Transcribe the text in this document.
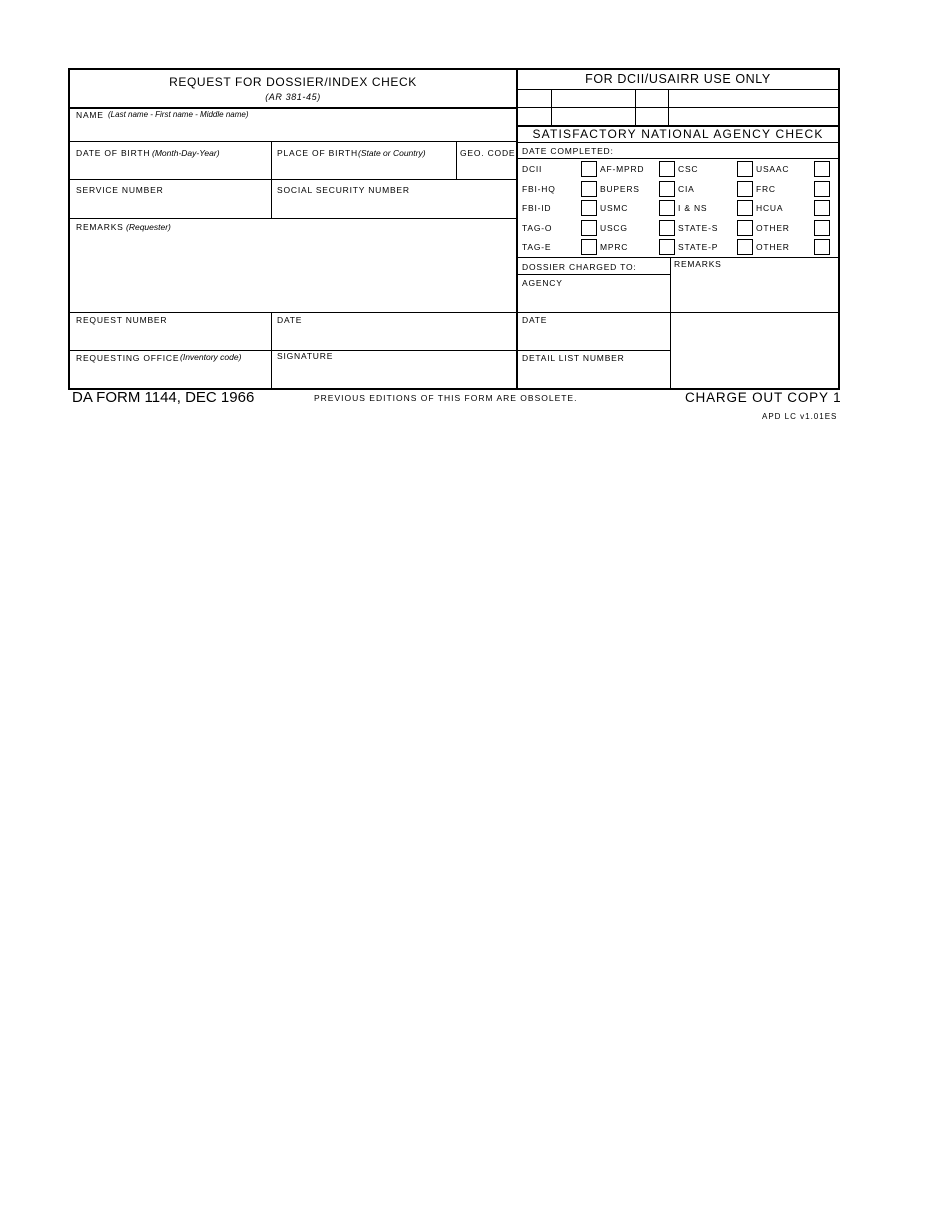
REQUEST FOR DOSSIER/INDEX CHECK
(AR 381-45)
NAME (Last name - First name - Middle name)
DATE OF BIRTH (Month-Day-Year)	PLACE OF BIRTH (State or Country)	GEO. CODE
SERVICE NUMBER	SOCIAL SECURITY NUMBER
REMARKS (Requester)
REQUEST NUMBER	DATE
REQUESTING OFFICE (Inventory code)	SIGNATURE
FOR DCII/USAIRR USE ONLY
SATISFACTORY NATIONAL AGENCY CHECK
DATE COMPLETED:
DCII	AF-MPRD	CSC	USAAC
FBI-HQ	BUPERS	CIA	FRC
FBI-ID	USMC	I & NS	HCUA
TAG-O	USCG	STATE-S	OTHER
TAG-E	MPRC	STATE-P	OTHER
DOSSIER CHARGED TO:	REMARKS
AGENCY
DATE
DETAIL LIST NUMBER
DA FORM 1144, DEC 1966	PREVIOUS EDITIONS OF THIS FORM ARE OBSOLETE.	CHARGE OUT COPY 1
APD LC v1.01ES
